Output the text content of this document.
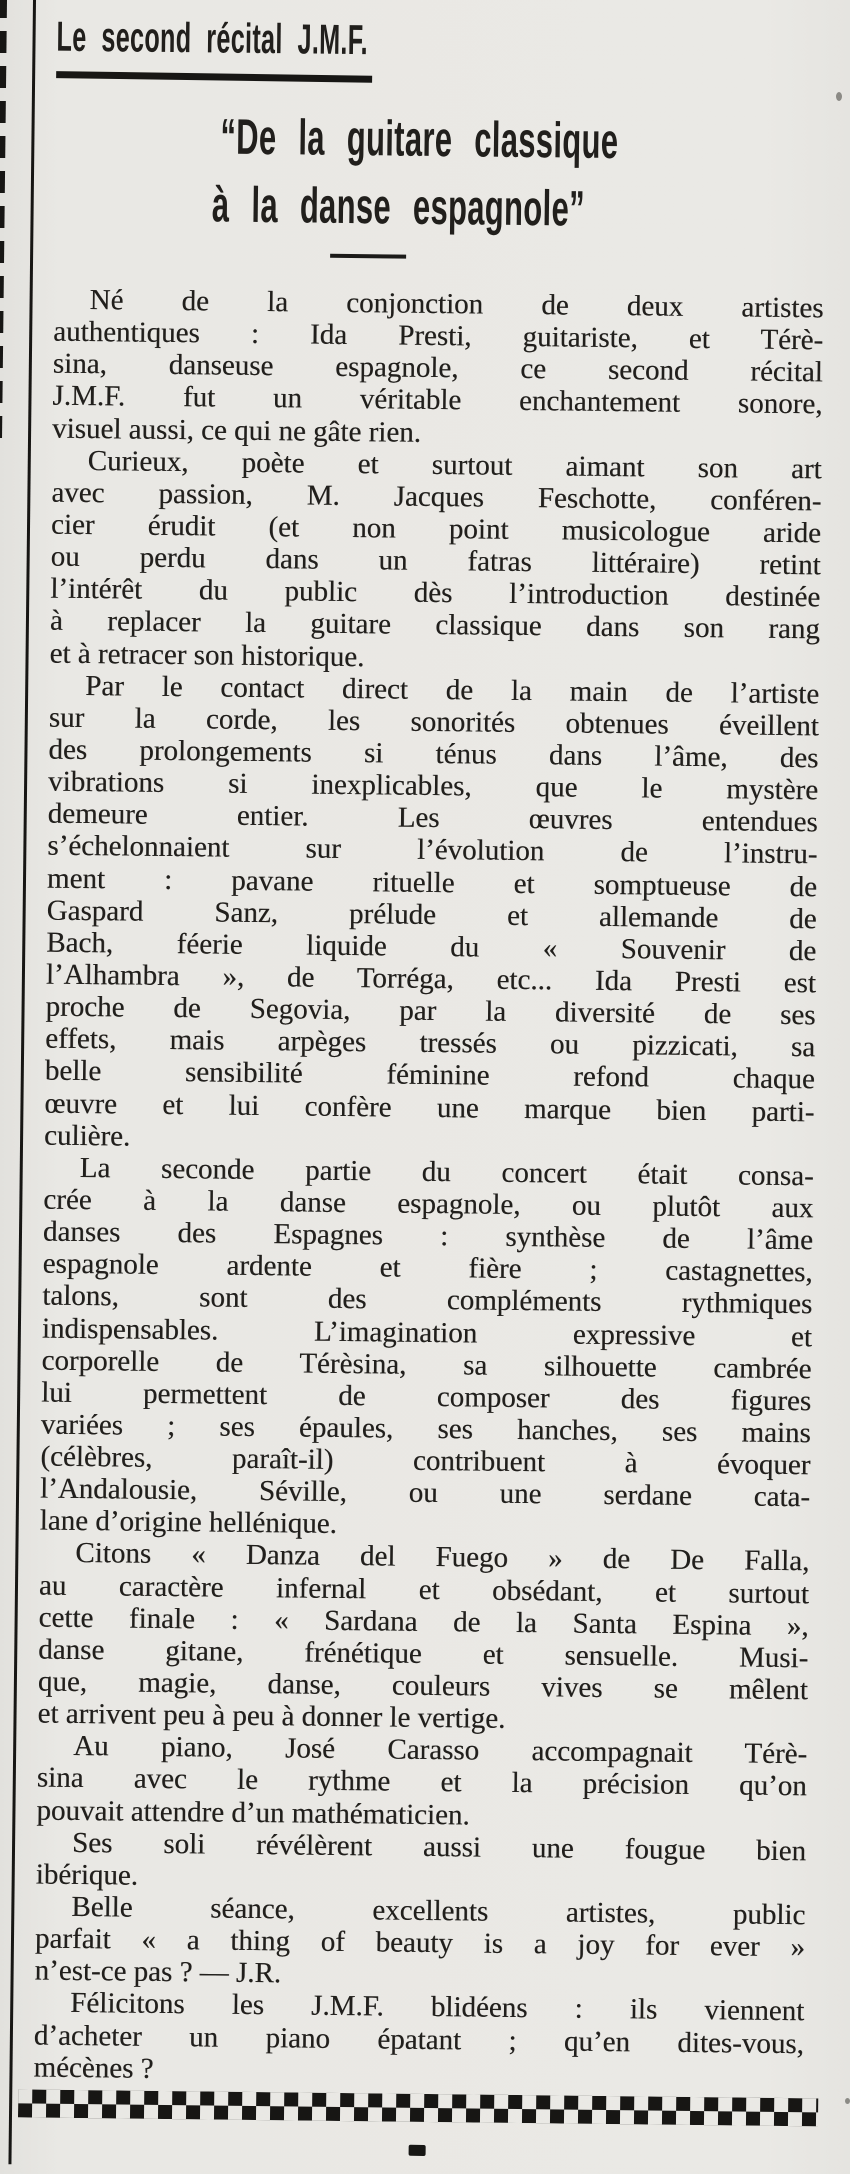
Le second récital J.M.F.
“De la guitare classique
à la danse espagnole”
Né de la conjonction de deux artistes
authentiques : Ida Presti, guitariste, et Térè-
sina, danseuse espagnole, ce second récital
J.M.F. fut un véritable enchantement sonore,
visuel aussi, ce qui ne gâte rien.
Curieux, poète et surtout aimant son art
avec passion, M. Jacques Feschotte, conféren-
cier érudit (et non point musicologue aride
ou perdu dans un fatras littéraire) retint
l’intérêt du public dès l’introduction destinée
à replacer la guitare classique dans son rang
et à retracer son historique.
Par le contact direct de la main de l’artiste
sur la corde, les sonorités obtenues éveillent
des prolongements si ténus dans l’âme, des
vibrations si inexplicables, que le mystère
demeure entier. Les œuvres entendues
s’échelonnaient sur l’évolution de l’instru-
ment : pavane rituelle et somptueuse de
Gaspard Sanz, prélude et allemande de
Bach, féerie liquide du « Souvenir de
l’Alhambra », de Torréga, etc... Ida Presti est
proche de Segovia, par la diversité de ses
effets, mais arpèges tressés ou pizzicati, sa
belle sensibilité féminine refond chaque
œuvre et lui confère une marque bien parti-
culière.
La seconde partie du concert était consa-
crée à la danse espagnole, ou plutôt aux
danses des Espagnes : synthèse de l’âme
espagnole ardente et fière ; castagnettes,
talons, sont des compléments rythmiques
indispensables. L’imagination expressive et
corporelle de Térèsina, sa silhouette cambrée
lui permettent de composer des figures
variées ; ses épaules, ses hanches, ses mains
(célèbres, paraît-il) contribuent à évoquer
l’Andalousie, Séville, ou une serdane cata-
lane d’origine hellénique.
Citons « Danza del Fuego » de De Falla,
au caractère infernal et obsédant, et surtout
cette finale : « Sardana de la Santa Espina »,
danse gitane, frénétique et sensuelle. Musi-
que, magie, danse, couleurs vives se mêlent
et arrivent peu à peu à donner le vertige.
Au piano, José Carasso accompagnait Térè-
sina avec le rythme et la précision qu’on
pouvait attendre d’un mathématicien.
Ses soli révélèrent aussi une fougue bien
ibérique.
Belle séance, excellents artistes, public
parfait « a thing of beauty is a joy for ever »
n’est-ce pas ? — J.R.
Félicitons les J.M.F. blidéens : ils viennent
d’acheter un piano épatant ; qu’en dites-vous,
mécènes ?
